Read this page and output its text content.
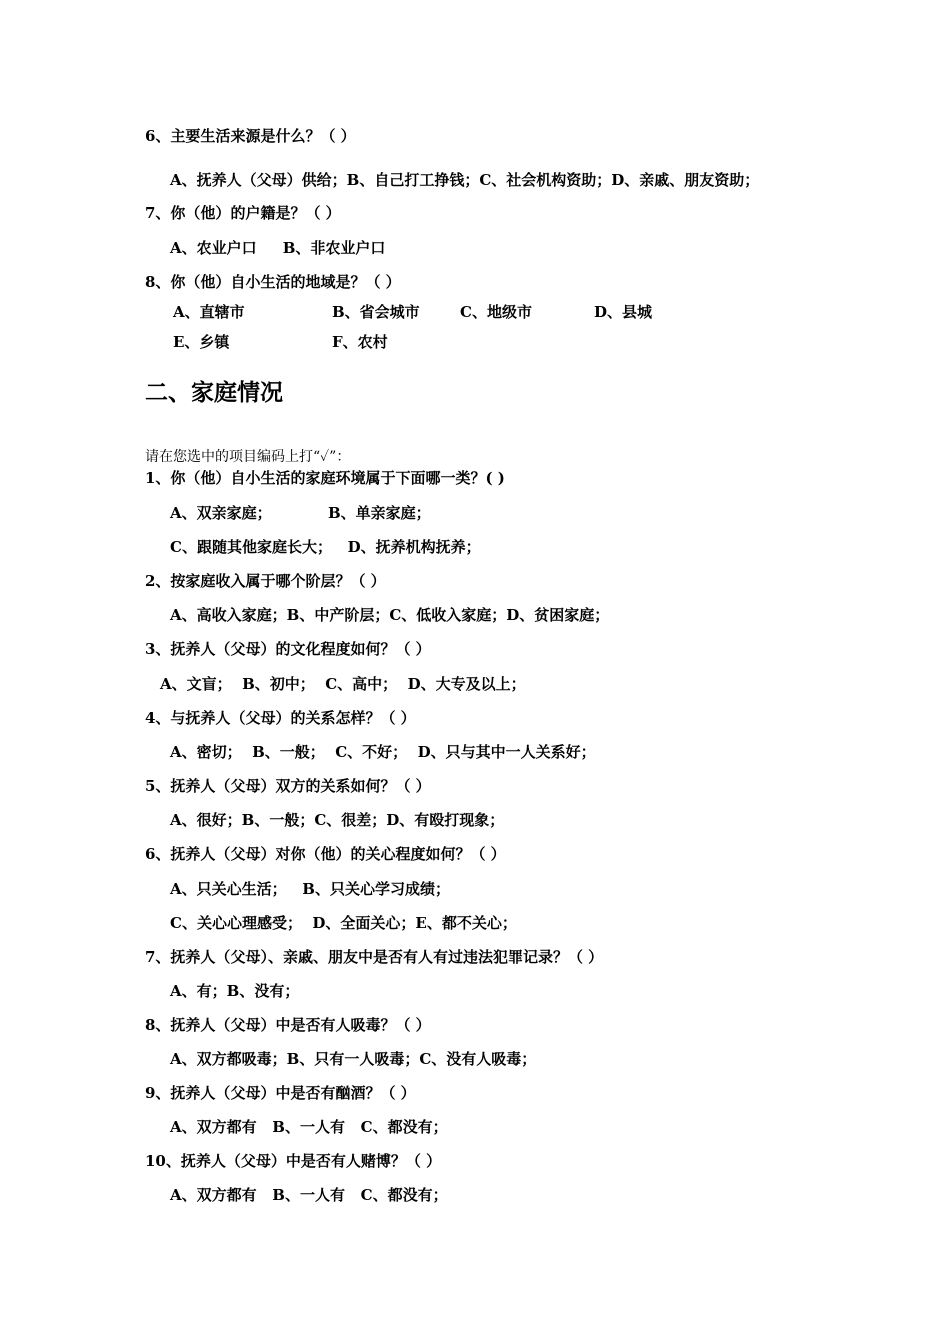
6、主要生活来源是什么？（ ）
A、抚养人（父母）供给；B、自己打工挣钱；C、社会机构资助；D、亲戚、朋友资助；
7、你（他）的户籍是？（ ）
A、农业户口     B、非农业户口
8、你（他）自小生活的地域是？（ ）
A、直辖市	B、省会城市	C、地级市	D、县城
E、乡镇	F、农村
二、家庭情况
请在您选中的项目编码上打“✓”：
1、你（他）自小生活的家庭环境属于下面哪一类？( )
A、双亲家庭；	B、单亲家庭；
C、跟随其他家庭长大；   D、抚养机构抚养；
2、按家庭收入属于哪个阶层？（ ）
A、高收入家庭；B、中产阶层；C、低收入家庭；D、贫困家庭；
3、抚养人（父母）的文化程度如何？（ ）
A、文盲；  B、初中；  C、高中；  D、大专及以上；
4、与抚养人（父母）的关系怎样？（ ）
A、密切；  B、一般；  C、不好；  D、只与其中一人关系好；
5、抚养人（父母）双方的关系如何？（ ）
A、很好；B、一般；C、很差；D、有殴打现象；
6、抚养人（父母）对你（他）的关心程度如何？（ ）
A、只关心生活；   B、只关心学习成绩；
C、关心心理感受；  D、全面关心；E、都不关心；
7、抚养人（父母）、亲戚、朋友中是否有人有过违法犯罪记录？（ ）
A、有；B、没有；
8、抚养人（父母）中是否有人吸毒？（ ）
A、双方都吸毒；B、只有一人吸毒；C、没有人吸毒；
9、抚养人（父母）中是否有酗酒？（ ）
A、双方都有   B、一人有   C、都没有；
10、抚养人（父母）中是否有人赌博？（ ）
A、双方都有   B、一人有   C、都没有；
